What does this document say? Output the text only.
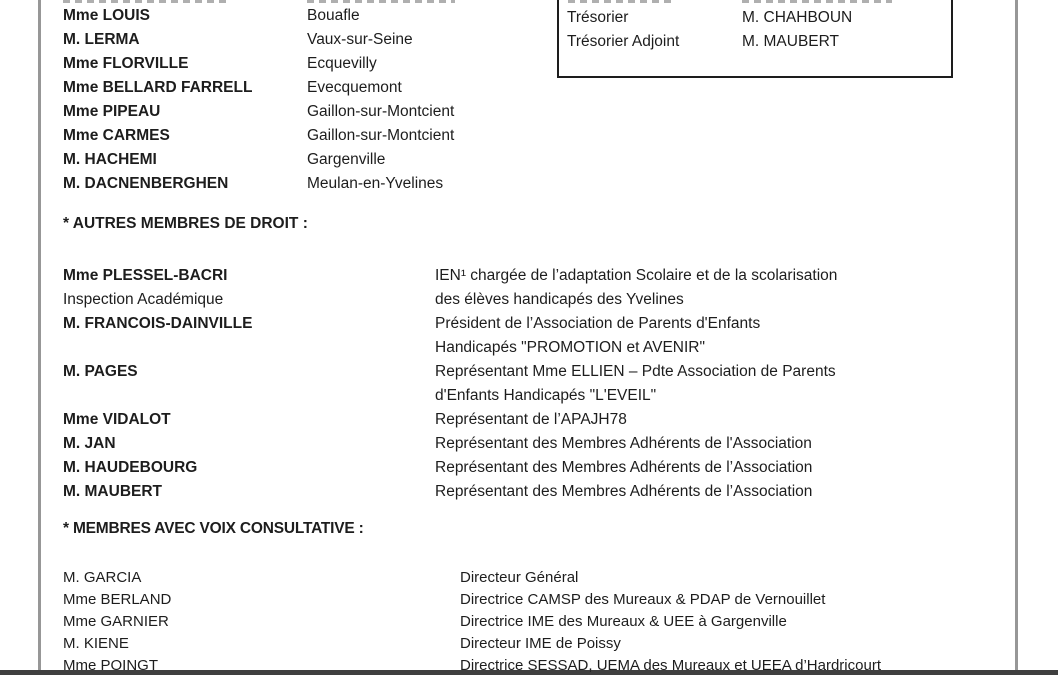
Mme LOUIS	Bouafle
M. LERMA	Vaux-sur-Seine
Mme FLORVILLE	Ecquevilly
Mme BELLARD FARRELL	Evecquemont
Mme PIPEAU	Gaillon-sur-Montcient
Mme CARMES	Gaillon-sur-Montcient
M. HACHEMI	Gargenville
M. DACNENBERGHEN	Meulan-en-Yvelines
Trésorier	M. CHAHBOUN
Trésorier Adjoint	M. MAUBERT
* AUTRES MEMBRES DE DROIT :
Mme PLESSEL-BACRI	IEN¹ chargée de l’adaptation Scolaire et de la scolarisation
Inspection Académique	des élèves handicapés des Yvelines
M. FRANCOIS-DAINVILLE	Président de l’Association de Parents d'Enfants
Handicapés "PROMOTION et AVENIR"
M. PAGES	Représentant Mme ELLIEN – Pdte Association de Parents
d'Enfants Handicapés "L'EVEIL"
Mme VIDALOT	Représentant de l’APAJH78
M. JAN	Représentant des Membres Adhérents de l'Association
M. HAUDEBOURG	Représentant des Membres Adhérents de l’Association
M. MAUBERT	Représentant des Membres Adhérents de l’Association
* MEMBRES AVEC VOIX CONSULTATIVE :
M. GARCIA	Directeur Général
Mme BERLAND	Directrice CAMSP des Mureaux & PDAP de Vernouillet
Mme GARNIER	Directrice IME des Mureaux & UEE à Gargenville
M. KIENE	Directeur IME de Poissy
Mme POINGT	Directrice SESSAD, UEMA des Mureaux et UEEA d’Hardricourt
